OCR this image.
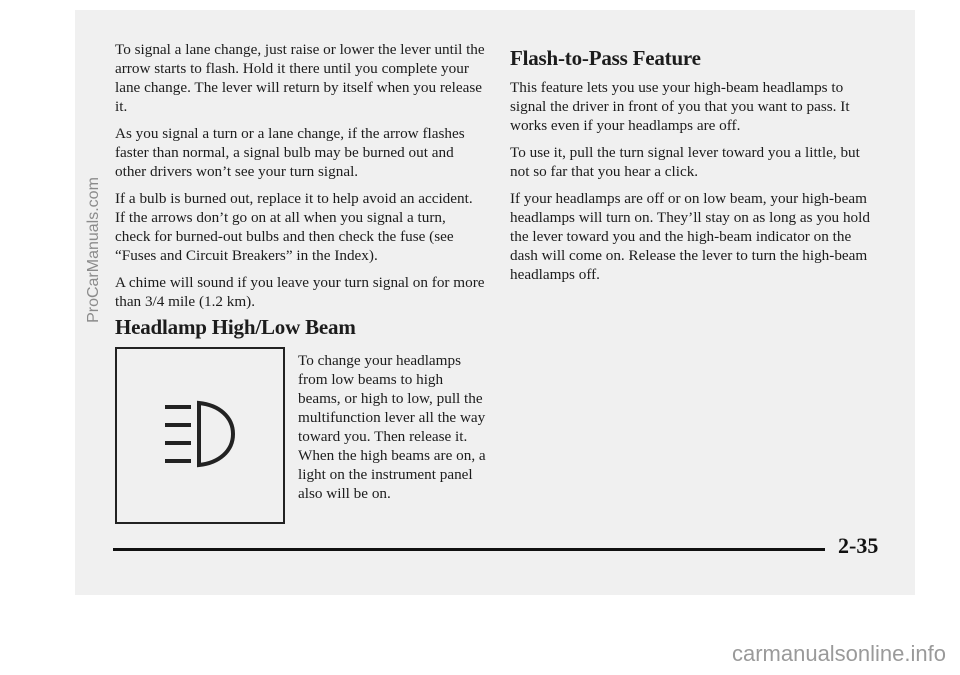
ProCarManuals.com

To signal a lane change, just raise or lower the lever until the arrow starts to flash. Hold it there until you complete your lane change. The lever will return by itself when you release it.

As you signal a turn or a lane change, if the arrow flashes faster than normal, a signal bulb may be burned out and other drivers won’t see your turn signal.

If a bulb is burned out, replace it to help avoid an accident. If the arrows don’t go on at all when you signal a turn, check for burned-out bulbs and then check the fuse (see “Fuses and Circuit Breakers” in the Index).

A chime will sound if you leave your turn signal on for more than 3/4 mile (1.2 km).

Headlamp High/Low Beam

To change your headlamps from low beams to high beams, or high to low, pull the multifunction lever all the way toward you. Then release it. When the high beams are on, a light on the instrument panel also will be on.

Flash-to-Pass Feature

This feature lets you use your high-beam headlamps to signal the driver in front of you that you want to pass. It works even if your headlamps are off.

To use it, pull the turn signal lever toward you a little, but not so far that you hear a click.

If your headlamps are off or on low beam, your high-beam headlamps will turn on. They’ll stay on as long as you hold the lever toward you and the high-beam indicator on the dash will come on. Release the lever to turn the high-beam headlamps off.

2-35
carmanualsonline.info
